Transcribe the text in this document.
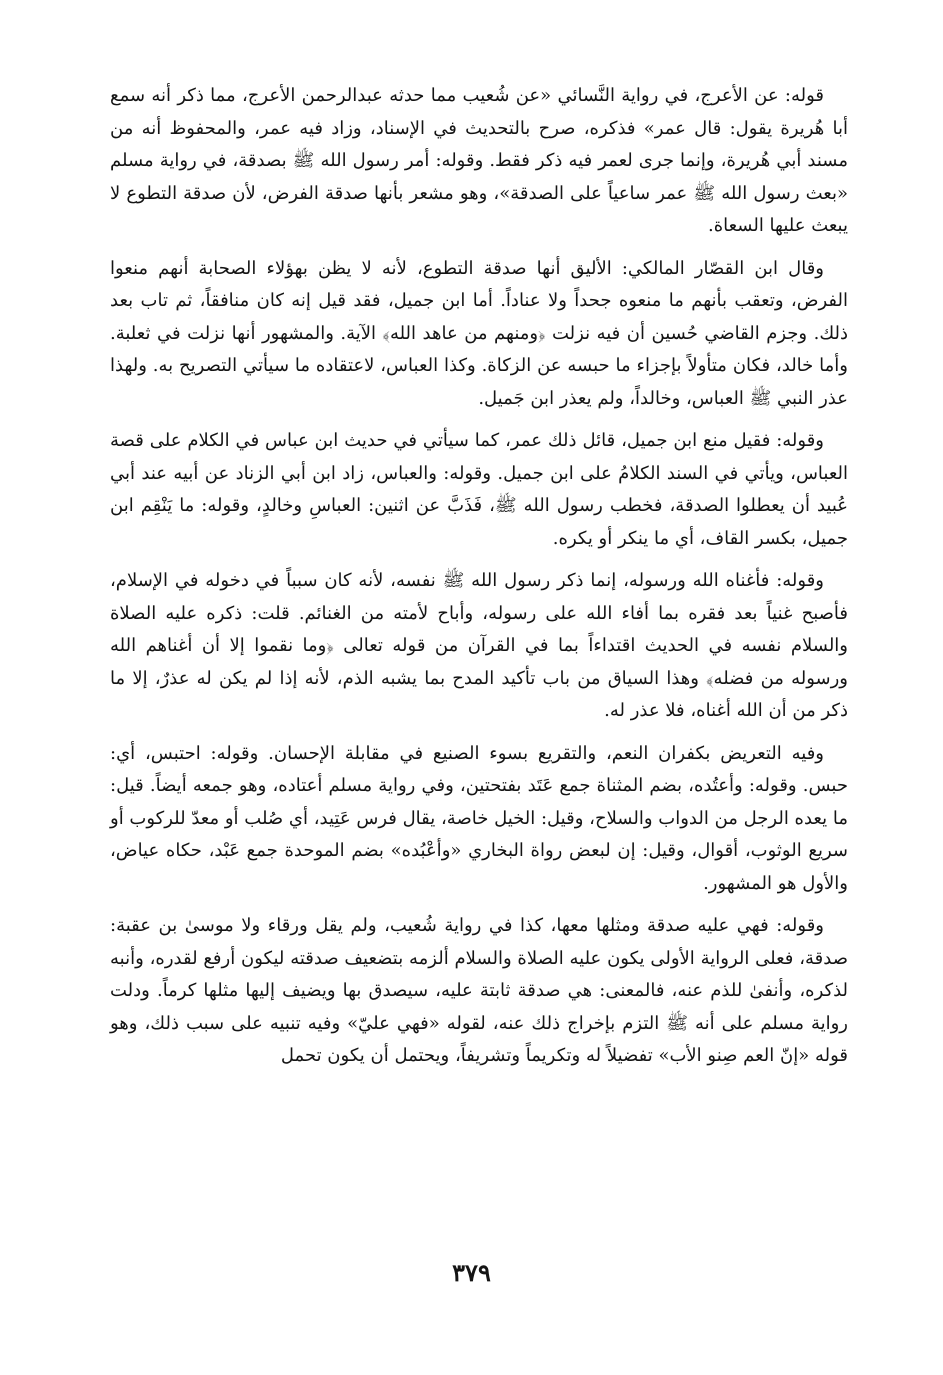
قوله: عن الأعرج، في رواية النَّسائي «عن شُعيب مما حدثه عبدالرحمن الأعرج، مما ذكر أنه سمع أبا هُريرة يقول: قال عمر» فذكره، صرح بالتحديث في الإسناد، وزاد فيه عمر، والمحفوظ أنه من مسند أبي هُريرة، وإنما جرى لعمر فيه ذكر فقط. وقوله: أمر رسول الله ﷺ بصدقة، في رواية مسلم «بعث رسول الله ﷺ عمر ساعياً على الصدقة»، وهو مشعر بأنها صدقة الفرض، لأن صدقة التطوع لا يبعث عليها السعاة.

وقال ابن القصّار المالكي: الأليق أنها صدقة التطوع، لأنه لا يظن بهؤلاء الصحابة أنهم منعوا الفرض، وتعقب بأنهم ما منعوه جحداً ولا عناداً. أما ابن جميل، فقد قيل إنه كان منافقاً، ثم تاب بعد ذلك. وجزم القاضي حُسين أن فيه نزلت ﴿ومنهم من عاهد الله﴾ الآية. والمشهور أنها نزلت في ثعلبة. وأما خالد، فكان متأولاً بإجزاء ما حبسه عن الزكاة. وكذا العباس، لاعتقاده ما سيأتي التصريح به. ولهذا عذر النبي ﷺ العباس، وخالداً، ولم يعذر ابن جَميل.

وقوله: فقيل منع ابن جميل، قائل ذلك عمر، كما سيأتي في حديث ابن عباس في الكلام على قصة العباس، ويأتي في السند الكلامُ على ابن جميل. وقوله: والعباس، زاد ابن أبي الزناد عن أبيه عند أبي عُبيد أن يعطلوا الصدقة، فخطب رسول الله ﷺ، فَذَبَّ عن اثنين: العباسِ وخالدٍ، وقوله: ما يَنْقِم ابن جميل، بكسر القاف، أي ما ينكر أو يكره.

وقوله: فأغناه الله ورسوله، إنما ذكر رسول الله ﷺ نفسه، لأنه كان سبباً في دخوله في الإسلام، فأصبح غنياً بعد فقره بما أفاء الله على رسوله، وأباح لأمته من الغنائم. قلت: ذكره عليه الصلاة والسلام نفسه في الحديث اقتداءاً بما في القرآن من قوله تعالى ﴿وما نقموا إلا أن أغناهم الله ورسوله من فضله﴾ وهذا السياق من باب تأكيد المدح بما يشبه الذم، لأنه إذا لم يكن له عذرٌ، إلا ما ذكر من أن الله أغناه، فلا عذر له.

وفيه التعريض بكفران النعم، والتقريع بسوء الصنيع في مقابلة الإحسان. وقوله: احتبس، أي: حبس. وقوله: وأعتُده، بضم المثناة جمع عَتَد بفتحتين، وفي رواية مسلم أعتاده، وهو جمعه أيضاً. قيل: ما يعده الرجل من الدواب والسلاح، وقيل: الخيل خاصة، يقال فرس عَتِيد، أي صُلب أو معدّ للركوب أو سريع الوثوب، أقوال، وقيل: إن لبعض رواة البخاري «وأعْبُده» بضم الموحدة جمع عَبْد، حكاه عياض، والأول هو المشهور.

وقوله: فهي عليه صدقة ومثلها معها، كذا في رواية شُعيب، ولم يقل ورقاء ولا موسىٰ بن عقبة: صدقة، فعلى الرواية الأولى يكون عليه الصلاة والسلام ألزمه بتضعيف صدقته ليكون أرفع لقدره، وأنبه لذكره، وأنفىٰ للذم عنه، فالمعنى: هي صدقة ثابتة عليه، سيصدق بها ويضيف إليها مثلها كرماً. ودلت رواية مسلم على أنه ﷺ التزم بإخراج ذلك عنه، لقوله «فهي عليّ» وفيه تنبيه على سبب ذلك، وهو قوله «إنّ العم صِنو الأب» تفضيلاً له وتكريماً وتشريفاً، ويحتمل أن يكون تحمل

٣٧٩
